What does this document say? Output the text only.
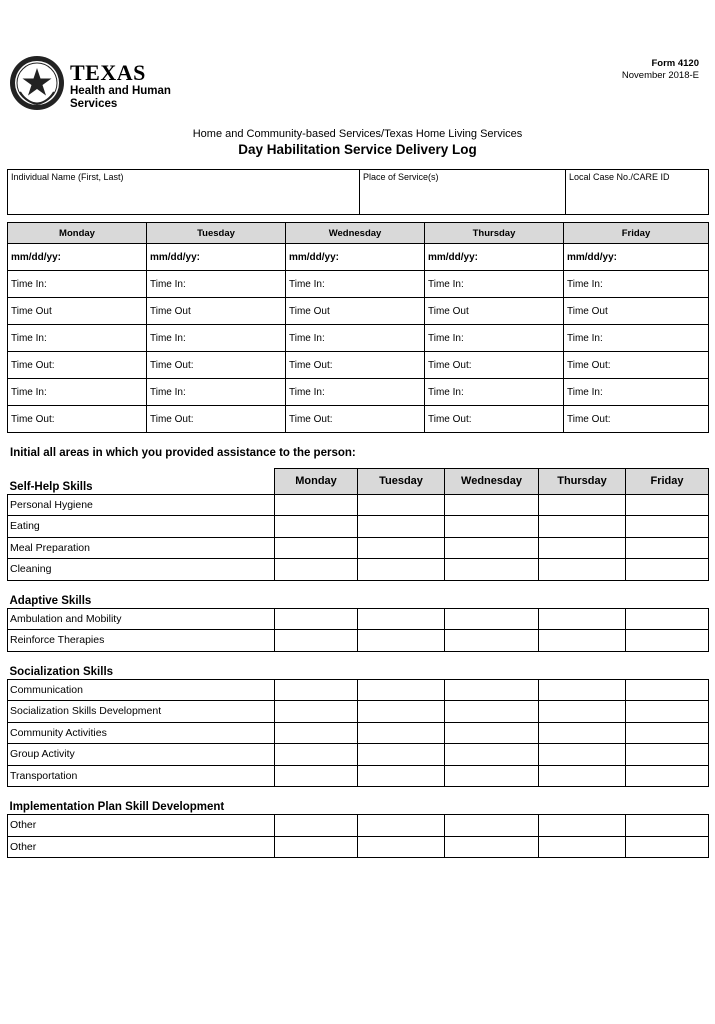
TEXAS
Health and Human
Services
Form 4120
November 2018-E
Home and Community-based Services/Texas Home Living Services
Day Habilitation Service Delivery Log
Individual Name (First, Last)	Place of Service(s)	Local Case No./CARE ID
Monday	Tuesday	Wednesday	Thursday	Friday
mm/dd/yy:	mm/dd/yy:	mm/dd/yy:	mm/dd/yy:	mm/dd/yy:
Time In:	Time In:	Time In:	Time In:	Time In:
Time Out	Time Out	Time Out	Time Out	Time Out
Time In:	Time In:	Time In:	Time In:	Time In:
Time Out:	Time Out:	Time Out:	Time Out:	Time Out:
Time In:	Time In:	Time In:	Time In:	Time In:
Time Out:	Time Out:	Time Out:	Time Out:	Time Out:
Initial all areas in which you provided assistance to the person:
Self-Help Skills	Monday	Tuesday	Wednesday	Thursday	Friday
Personal Hygiene					
Eating					
Meal Preparation					
Cleaning					
Adaptive Skills					
Ambulation and Mobility					
Reinforce Therapies					
Socialization Skills					
Communication					
Socialization Skills Development					
Community Activities					
Group Activity					
Transportation					
Implementation Plan Skill Development					
Other					
Other					
